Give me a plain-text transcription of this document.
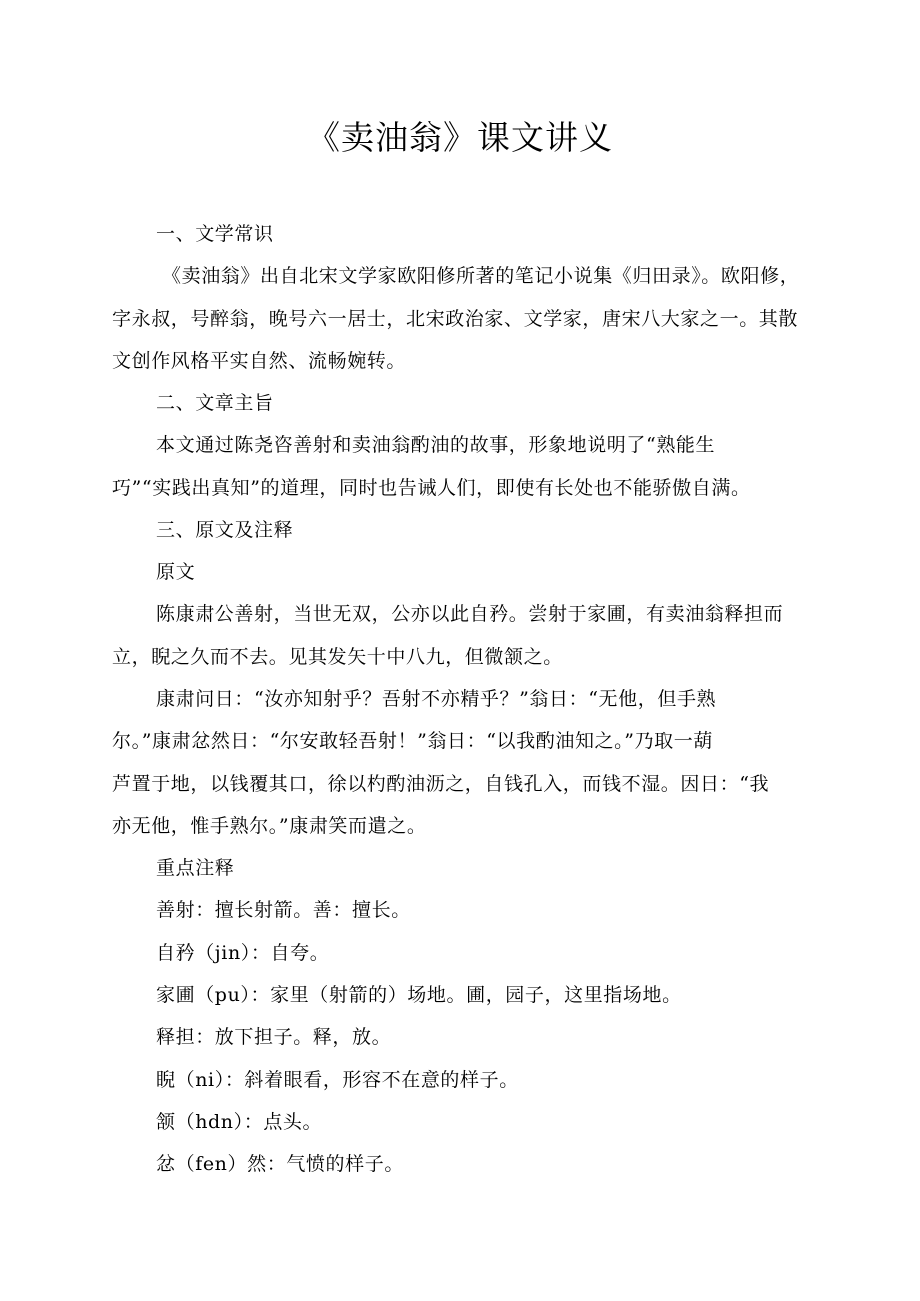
《卖油翁》课文讲义
一、文学常识
《卖油翁》出自北宋文学家欧阳修所著的笔记小说集《归田录》。欧阳修，
字永叔，号醉翁，晚号六一居士，北宋政治家、文学家，唐宋八大家之一。其散
文创作风格平实自然、流畅婉转。
二、文章主旨
本文通过陈尧咨善射和卖油翁酌油的故事，形象地说明了“熟能生
巧”“实践出真知”的道理，同时也告诫人们，即使有长处也不能骄傲自满。
三、原文及注释
原文
陈康肃公善射，当世无双，公亦以此自矜。尝射于家圃，有卖油翁释担而
立，睨之久而不去。见其发矢十中八九，但微颔之。
康肃问日：“汝亦知射乎？吾射不亦精乎？”翁日：“无他，但手熟
尔。”康肃忿然日：“尔安敢轻吾射！”翁日：“以我酌油知之。”乃取一葫
芦置于地，以钱覆其口，徐以杓酌油沥之，自钱孔入，而钱不湿。因日：“我
亦无他，惟手熟尔。”康肃笑而遣之。
重点注释
善射：擅长射箭。善：擅长。
自矜（jin）：自夸。
家圃（pu）：家里（射箭的）场地。圃，园子，这里指场地。
释担：放下担子。释，放。
睨（ni）：斜着眼看，形容不在意的样子。
颔（hdn）：点头。
忿（fen）然：气愤的样子。
